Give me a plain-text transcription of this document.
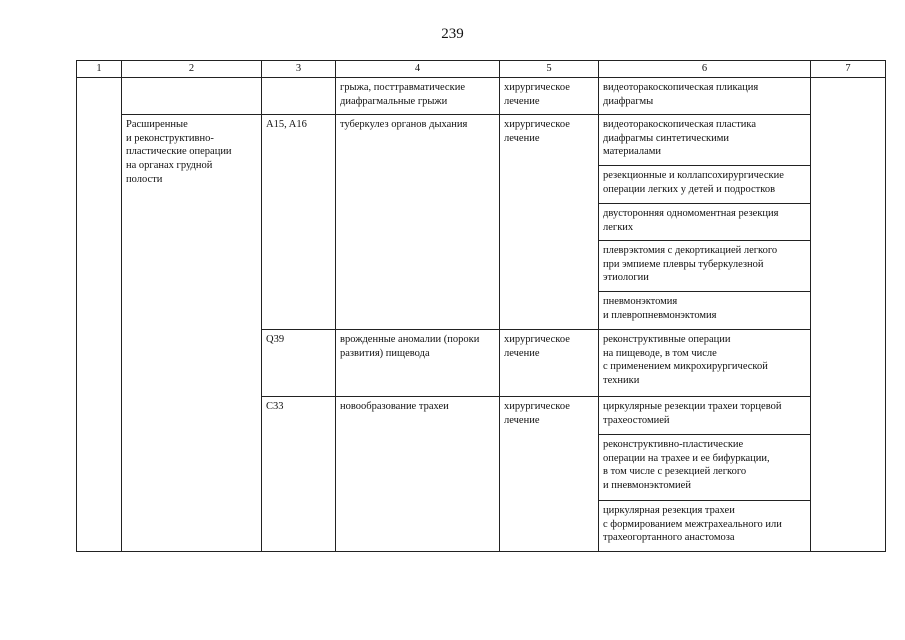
239
1	2	3	4	5	6	7
			грыжа, посттравматические
диафрагмальные грыжи	хирургическое
лечение	видеоторакоскопическая пликация
диафрагмы	
	Расширенные
и реконструктивно-
пластические операции
на органах грудной
полости	A15, A16	туберкулез органов дыхания	хирургическое
лечение	видеоторакоскопическая пластика
диафрагмы синтетическими
материалами	
					резекционные и коллапсохирургические
операции легких у детей и подростков	
					двусторонняя одномоментная резекция
легких	
					плеврэктомия с декортикацией легкого
при эмпиеме плевры туберкулезной
этиологии	
					пневмонэктомия
и плевропневмонэктомия	
		Q39	врожденные аномалии (пороки
развития) пищевода	хирургическое
лечение	реконструктивные операции
на пищеводе, в том числе
с применением микрохирургической
техники	
		C33	новообразование трахеи	хирургическое
лечение	циркулярные резекции трахеи торцевой
трахеостомией	
					реконструктивно-пластические
операции на трахее и ее бифуркации,
в том числе с резекцией легкого
и пневмонэктомией	
					циркулярная резекция трахеи
с формированием межтрахеального или
трахеогортанного анастомоза	
